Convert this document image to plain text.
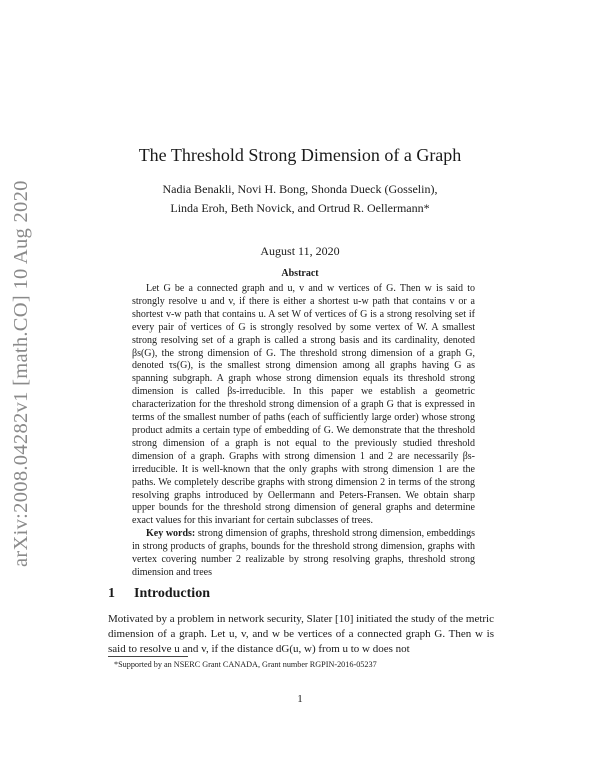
arXiv:2008.04282v1 [math.CO] 10 Aug 2020
The Threshold Strong Dimension of a Graph
Nadia Benakli, Novi H. Bong, Shonda Dueck (Gosselin),
Linda Eroh, Beth Novick, and Ortrud R. Oellermann*
August 11, 2020
Abstract

Let G be a connected graph and u, v and w vertices of G. Then w is said to strongly resolve u and v, if there is either a shortest u-w path that contains v or a shortest v-w path that contains u. A set W of vertices of G is a strong resolving set if every pair of vertices of G is strongly resolved by some vertex of W. A smallest strong resolving set of a graph is called a strong basis and its cardinality, denoted βs(G), the strong dimension of G. The threshold strong dimension of a graph G, denoted τs(G), is the smallest strong dimension among all graphs having G as spanning subgraph. A graph whose strong dimension equals its threshold strong dimension is called βs-irreducible. In this paper we establish a geometric characterization for the threshold strong dimension of a graph G that is expressed in terms of the smallest number of paths (each of sufficiently large order) whose strong product admits a certain type of embedding of G. We demonstrate that the threshold strong dimension of a graph is not equal to the previously studied threshold dimension of a graph. Graphs with strong dimension 1 and 2 are necessarily βs-irreducible. It is well-known that the only graphs with strong dimension 1 are the paths. We completely describe graphs with strong dimension 2 in terms of the strong resolving graphs introduced by Oellermann and Peters-Fransen. We obtain sharp upper bounds for the threshold strong dimension of general graphs and determine exact values for this invariant for certain subclasses of trees.

Key words: strong dimension of graphs, threshold strong dimension, embeddings in strong products of graphs, bounds for the threshold strong dimension, graphs with vertex covering number 2 realizable by strong resolving graphs, threshold strong dimension and trees

1 Introduction

Motivated by a problem in network security, Slater [10] initiated the study of the metric dimension of a graph. Let u, v, and w be vertices of a connected graph G. Then w is said to resolve u and v, if the distance dG(u, w) from u to w does not

*Supported by an NSERC Grant CANADA, Grant number RGPIN-2016-05237
1
